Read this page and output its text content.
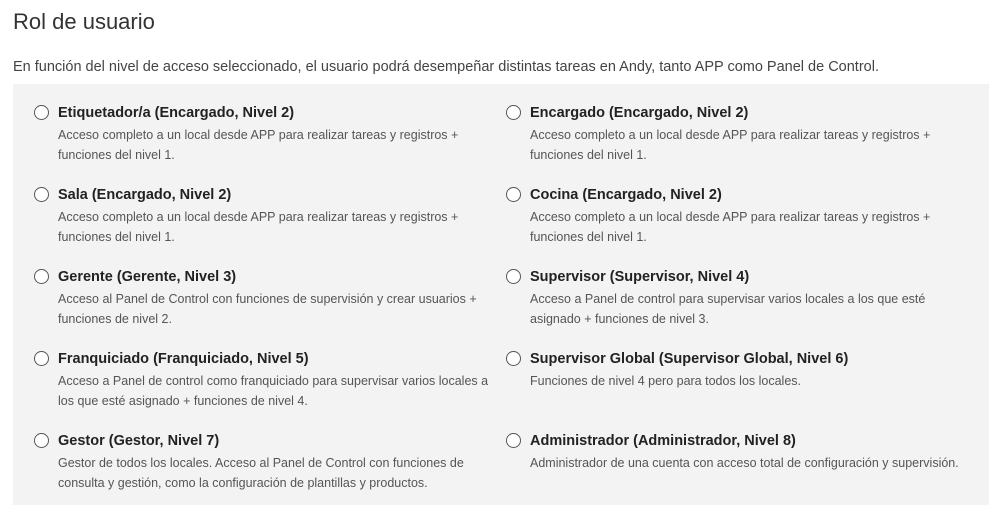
Rol de usuario

En función del nivel de acceso seleccionado, el usuario podrá desempeñar distintas tareas en Andy, tanto APP como Panel de Control.

Etiquetador/a (Encargado, Nivel 2)
Acceso completo a un local desde APP para realizar tareas y registros + funciones del nivel 1.
Encargado (Encargado, Nivel 2)
Acceso completo a un local desde APP para realizar tareas y registros + funciones del nivel 1.
Sala (Encargado, Nivel 2)
Acceso completo a un local desde APP para realizar tareas y registros + funciones del nivel 1.
Cocina (Encargado, Nivel 2)
Acceso completo a un local desde APP para realizar tareas y registros + funciones del nivel 1.
Gerente (Gerente, Nivel 3)
Acceso al Panel de Control con funciones de supervisión y crear usuarios + funciones de nivel 2.
Supervisor (Supervisor, Nivel 4)
Acceso a Panel de control para supervisar varios locales a los que esté asignado + funciones de nivel 3.
Franquiciado (Franquiciado, Nivel 5)
Acceso a Panel de control como franquiciado para supervisar varios locales a los que esté asignado + funciones de nivel 4.
Supervisor Global (Supervisor Global, Nivel 6)
Funciones de nivel 4 pero para todos los locales.
Gestor (Gestor, Nivel 7)
Gestor de todos los locales. Acceso al Panel de Control con funciones de consulta y gestión, como la configuración de plantillas y productos.
Administrador (Administrador, Nivel 8)
Administrador de una cuenta con acceso total de configuración y supervisión.
